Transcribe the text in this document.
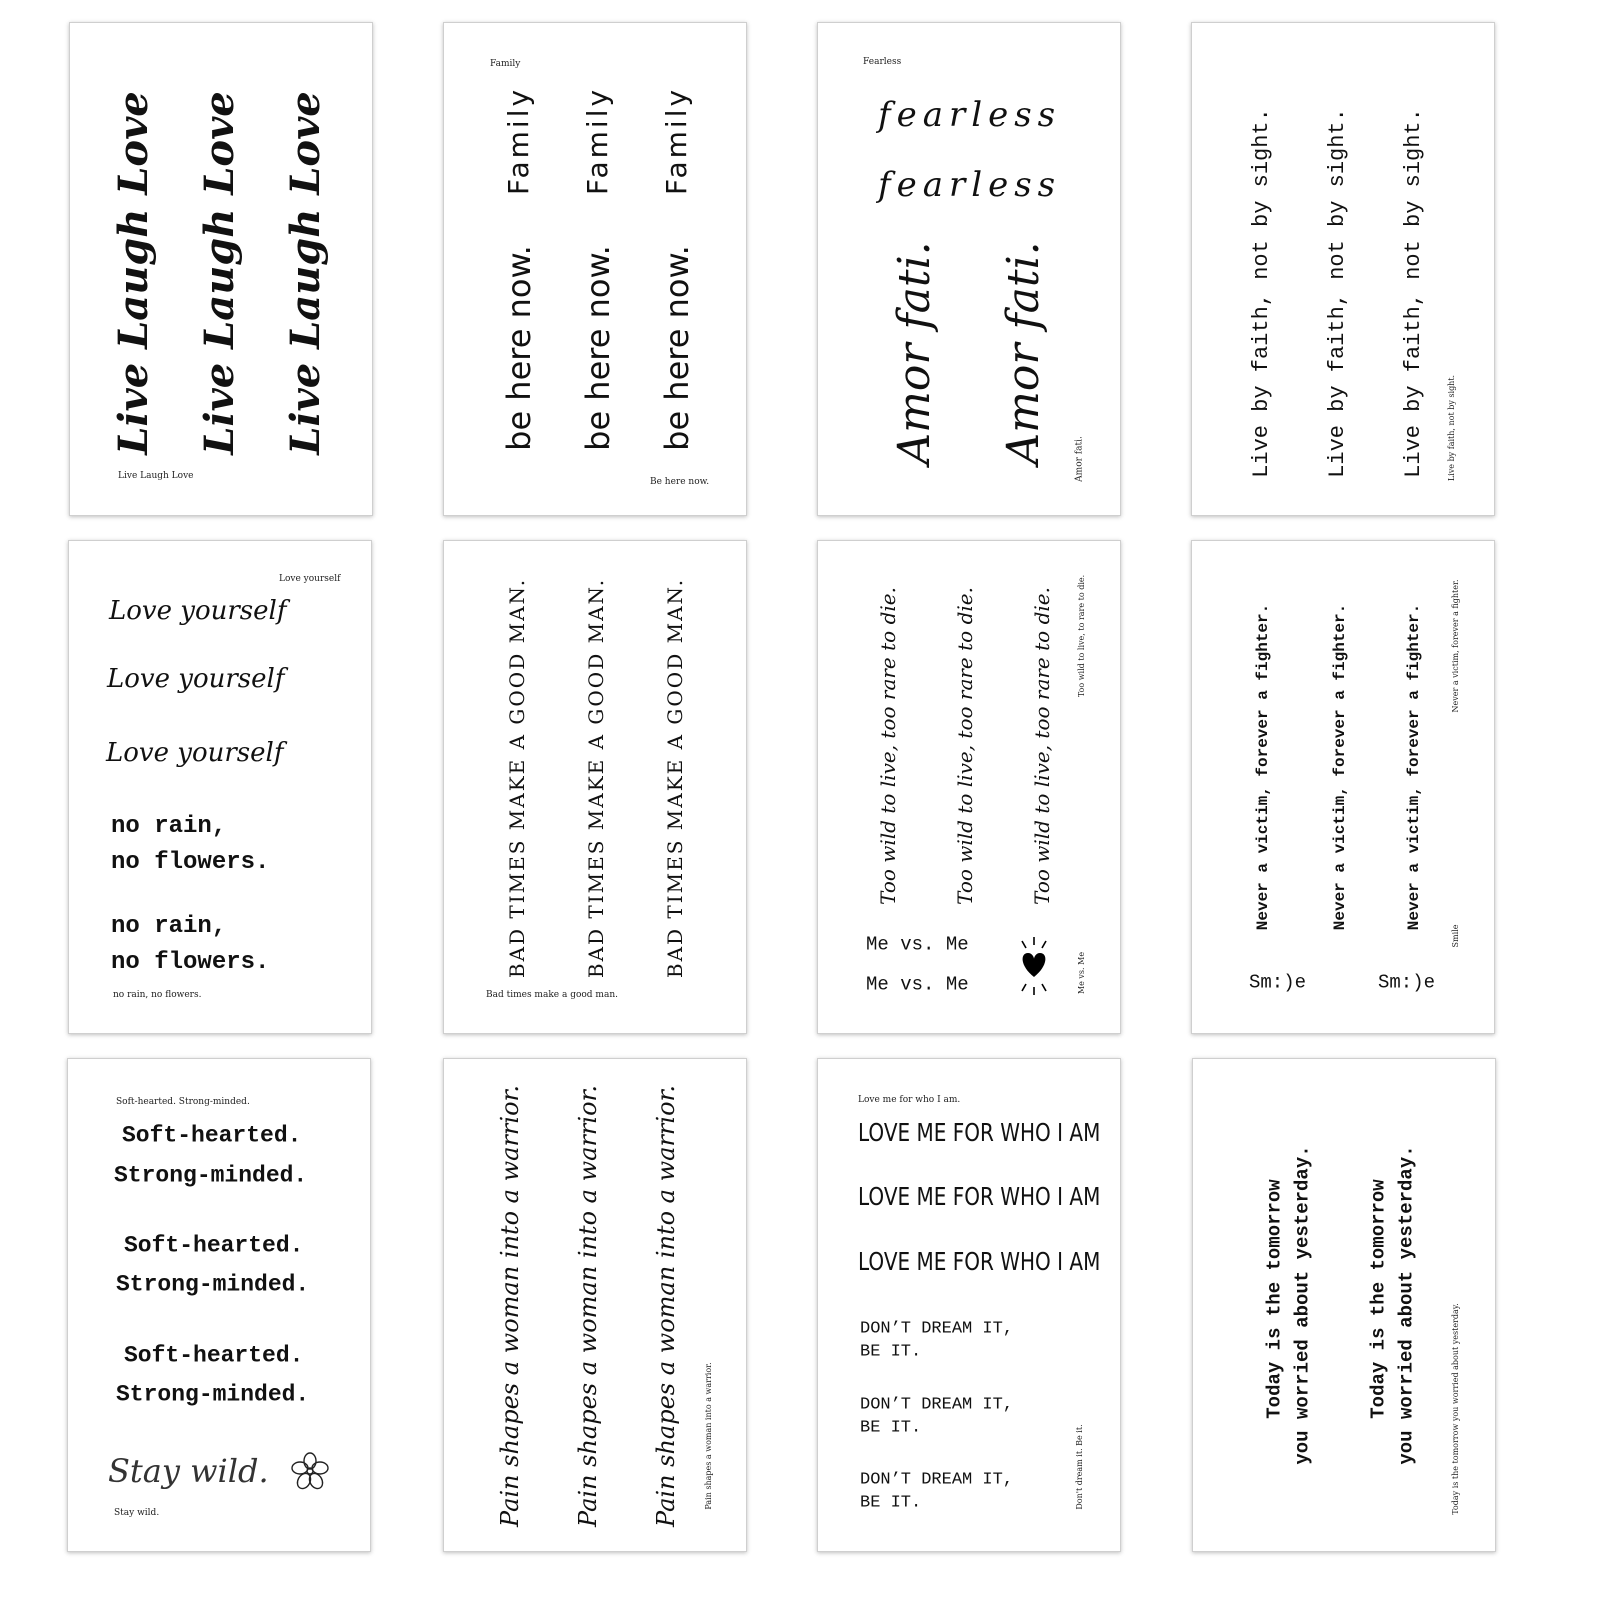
Live Laugh Love Live Laugh Love Live Laugh Love
Live Laugh Love
Family
Family Family Family
be here now. be here now. be here now.
Be here now.
Fearless
fearless
fearless
Amor fati. Amor fati.	Amor fati.	Live by faith, not by sight. Live by faith, not by sight. Live by faith, not by sight.	Live by faith, not by sight.
Love yourself
Love yourself
Love yourself
Love yourself
no rain,
no flowers.
no rain,
no flowers.
no rain, no flowers.
BAD TIMES MAKE A GOOD MAN.	BAD TIMES MAKE A GOOD MAN.	BAD TIMES MAKE A GOOD MAN.
Bad times make a good man.
Too wild to live, too rare to die.	Too wild to live, too rare to die.	Too wild to live, too rare to die.
Me vs. Me
Me vs. Me
Too wild to live, to rare to die.
Me vs. Me
Never a victim, forever a fighter.	Never a victim, forever a fighter.	Never a victim, forever a fighter.
Sm:)e	Sm:)e
Never a victim, forever a fighter.
Smile
Soft-hearted. Strong-minded.
Soft-hearted.
Strong-minded.
Soft-hearted.
Strong-minded.
Soft-hearted.
Strong-minded.
Stay wild.
Stay wild.	Pain shapes a woman into a warrior. Pain shapes a woman into a warrior. Pain shapes a woman into a warrior.	Pain shapes a woman into a warrior.
Love me for who I am.
LOVE ME FOR WHO I AM
LOVE ME FOR WHO I AM
LOVE ME FOR WHO I AM
DON’T DREAM IT,
BE IT.
DON’T DREAM IT,
BE IT.
DON’T DREAM IT,
BE IT.	Don't dream it. Be it.
Today is the tomorrow you worried about yesterday.	Today is the tomorrow you worried about yesterday.	Today is the tomorrow you worried about yesterday.
